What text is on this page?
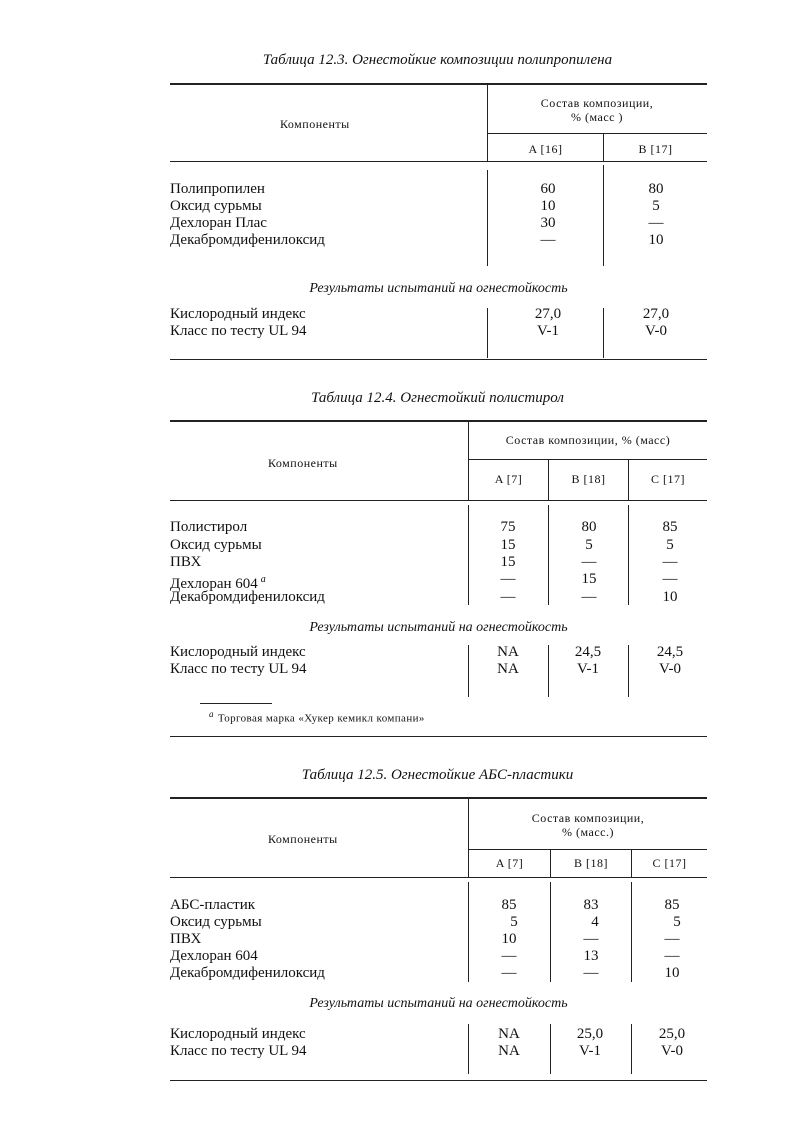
Таблица 12.3. Огнестойкие композиции полипропилена
Компоненты
Состав композиции,
% (масс )
A [16]	B [17]
Полипропилен	60	80
Оксид сурьмы	10	5
Дехлоран Плас	30	—
Декабромдифенилоксид	—	10
Результаты испытаний на огнестойкость
Кислородный индекс	27,0	27,0
Класс по тесту UL 94	V-1	V-0
Таблица 12.4. Огнестойкий полистирол
Компоненты
Состав композиции, % (масс)
A [7]	B [18]	C [17]
Полистирол	75	80	85
Оксид сурьмы	15	5	5
ПВХ	15	—	—
Дехлоран 604 $^a$	—	15	—
Декабромдифенилоксид	—	—	10
Результаты испытаний на огнестойкость
Кислородный индекс	NA	24,5	24,5
Класс по тесту UL 94	NA	V-1	V-0
$^a$ Торговая марка «Хукер кемикл компани»
Таблица 12.5. Огнестойкие АБС-пластики
Компоненты
Состав композиции,
% (масс.)
A [7]	B [18]	C [17]
АБС-пластик	85	83	85
Оксид сурьмы	5	4	5
ПВХ	10	—	—
Дехлоран 604	—	13	—
Декабромдифенилоксид	—	—	10
Результаты испытаний на огнестойкость
Кислородный индекс	NA	25,0	25,0
Класс по тесту UL 94	NA	V-1	V-0
